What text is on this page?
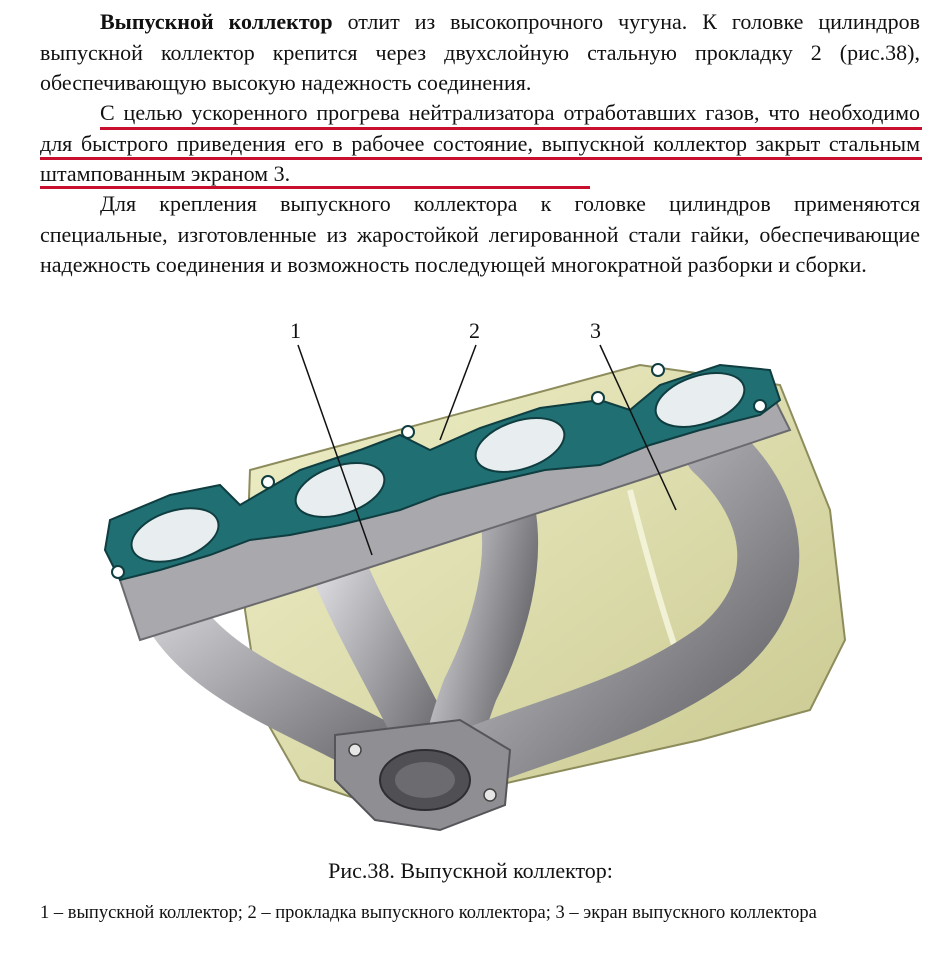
Выпускной коллектор отлит из высокопрочного чугуна. К головке цилиндров выпускной коллектор крепится через двухслойную стальную прокладку 2 (рис.38), обеспечивающую высокую надежность соединения.
С целью ускоренного прогрева нейтрализатора отработавших газов, что необходимо для быстрого приведения его в рабочее состояние, выпускной коллектор закрыт стальным штампованным экраном 3.
Для крепления выпускного коллектора к головке цилиндров применяются специальные, изготовленные из жаростойкой легированной стали гайки, обеспечивающие надежность соединения и возможность последующей многократной разборки и сборки.
1	2	3
Рис.38. Выпускной коллектор:
1 – выпускной коллектор; 2 – прокладка выпускного коллектора; 3 – экран выпускного коллектора
